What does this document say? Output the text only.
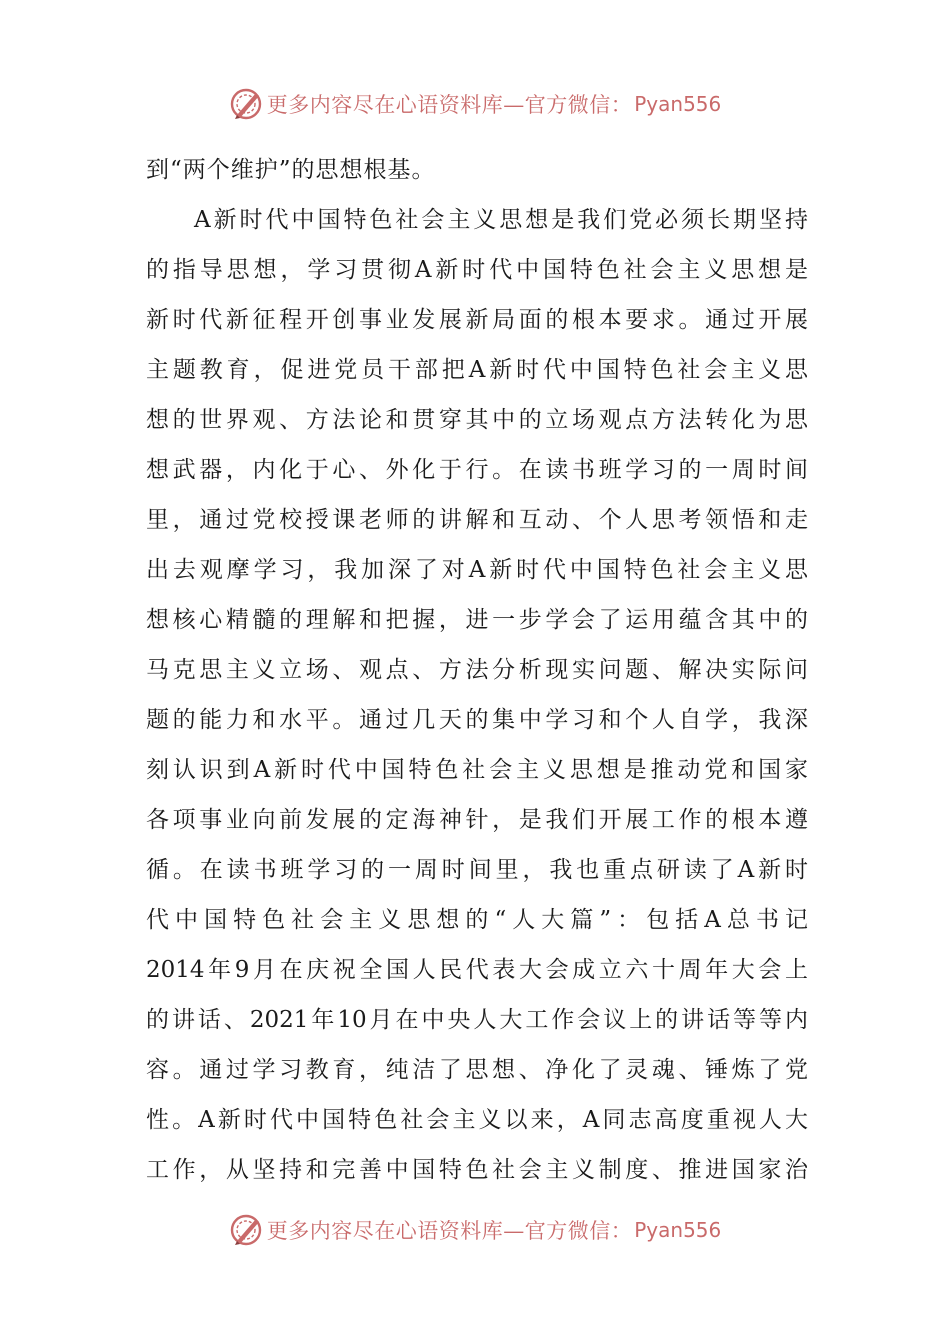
更多内容尽在心语资料库—官方微信： Pyan556
到“两个维护”的思想根基。
A新时代中国特色社会主义思想是我们党必须长期坚持
的指导思想，学习贯彻A新时代中国特色社会主义思想是
新时代新征程开创事业发展新局面的根本要求。通过开展
主题教育，促进党员干部把A新时代中国特色社会主义思
想的世界观、方法论和贯穿其中的立场观点方法转化为思
想武器，内化于心、外化于行。在读书班学习的一周时间
里，通过党校授课老师的讲解和互动、个人思考领悟和走
出去观摩学习，我加深了对A新时代中国特色社会主义思
想核心精髓的理解和把握，进一步学会了运用蕴含其中的
马克思主义立场、观点、方法分析现实问题、解决实际问
题的能力和水平。通过几天的集中学习和个人自学，我深
刻认识到A新时代中国特色社会主义思想是推动党和国家
各项事业向前发展的定海神针，是我们开展工作的根本遵
循。在读书班学习的一周时间里，我也重点研读了A新时
代中国特色社会主义思想的“人大篇”：包括A总书记
2014年9月在庆祝全国人民代表大会成立六十周年大会上
的讲话、2021年10月在中央人大工作会议上的讲话等等内
容。通过学习教育，纯洁了思想、净化了灵魂、锤炼了党
性。A新时代中国特色社会主义以来，A同志高度重视人大
工作，从坚持和完善中国特色社会主义制度、推进国家治
更多内容尽在心语资料库—官方微信： Pyan556
